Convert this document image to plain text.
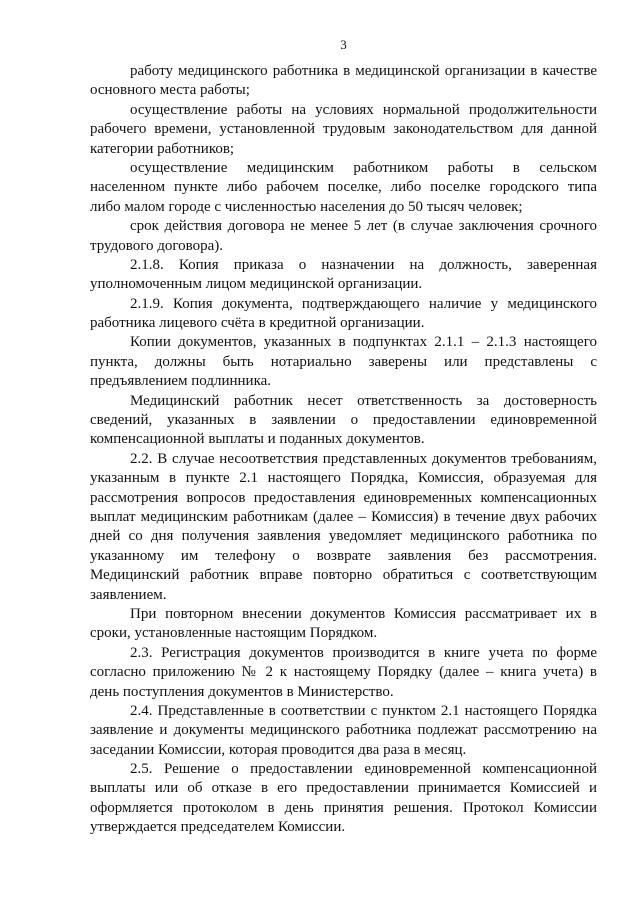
3
работу медицинского работника в медицинской организации в качестве
основного места работы;
осуществление работы на условиях нормальной продолжительности
рабочего времени, установленной трудовым законодательством для данной
категории работников;
осуществление медицинским работником работы в сельском
населенном пункте либо рабочем поселке, либо поселке городского типа
либо малом городе с численностью населения до 50 тысяч человек;
срок действия договора не менее 5 лет (в случае заключения срочного
трудового договора).
2.1.8. Копия приказа о назначении на должность, заверенная
уполномоченным лицом медицинской организации.
2.1.9. Копия документа, подтверждающего наличие у медицинского
работника лицевого счёта в кредитной организации.
Копии документов, указанных в подпунктах 2.1.1 – 2.1.3 настоящего
пункта, должны быть нотариально заверены или представлены с
предъявлением подлинника.
Медицинский работник несет ответственность за достоверность
сведений, указанных в заявлении о предоставлении единовременной
компенсационной выплаты и поданных документов.
2.2. В случае несоответствия представленных документов требованиям,
указанным в пункте 2.1 настоящего Порядка, Комиссия, образуемая для
рассмотрения вопросов предоставления единовременных компенсационных
выплат медицинским работникам (далее – Комиссия) в течение двух рабочих
дней со дня получения заявления уведомляет медицинского работника по
указанному им телефону о возврате заявления без рассмотрения.
Медицинский работник вправе повторно обратиться с соответствующим
заявлением.
При повторном внесении документов Комиссия рассматривает их в
сроки, установленные настоящим Порядком.
2.3. Регистрация документов производится в книге учета по форме
согласно приложению № 2 к настоящему Порядку (далее – книга учета) в
день поступления документов в Министерство.
2.4. Представленные в соответствии с пунктом 2.1 настоящего Порядка
заявление и документы медицинского работника подлежат рассмотрению на
заседании Комиссии, которая проводится два раза в месяц.
2.5. Решение о предоставлении единовременной компенсационной
выплаты или об отказе в его предоставлении принимается Комиссией и
оформляется протоколом в день принятия решения. Протокол Комиссии
утверждается председателем Комиссии.
